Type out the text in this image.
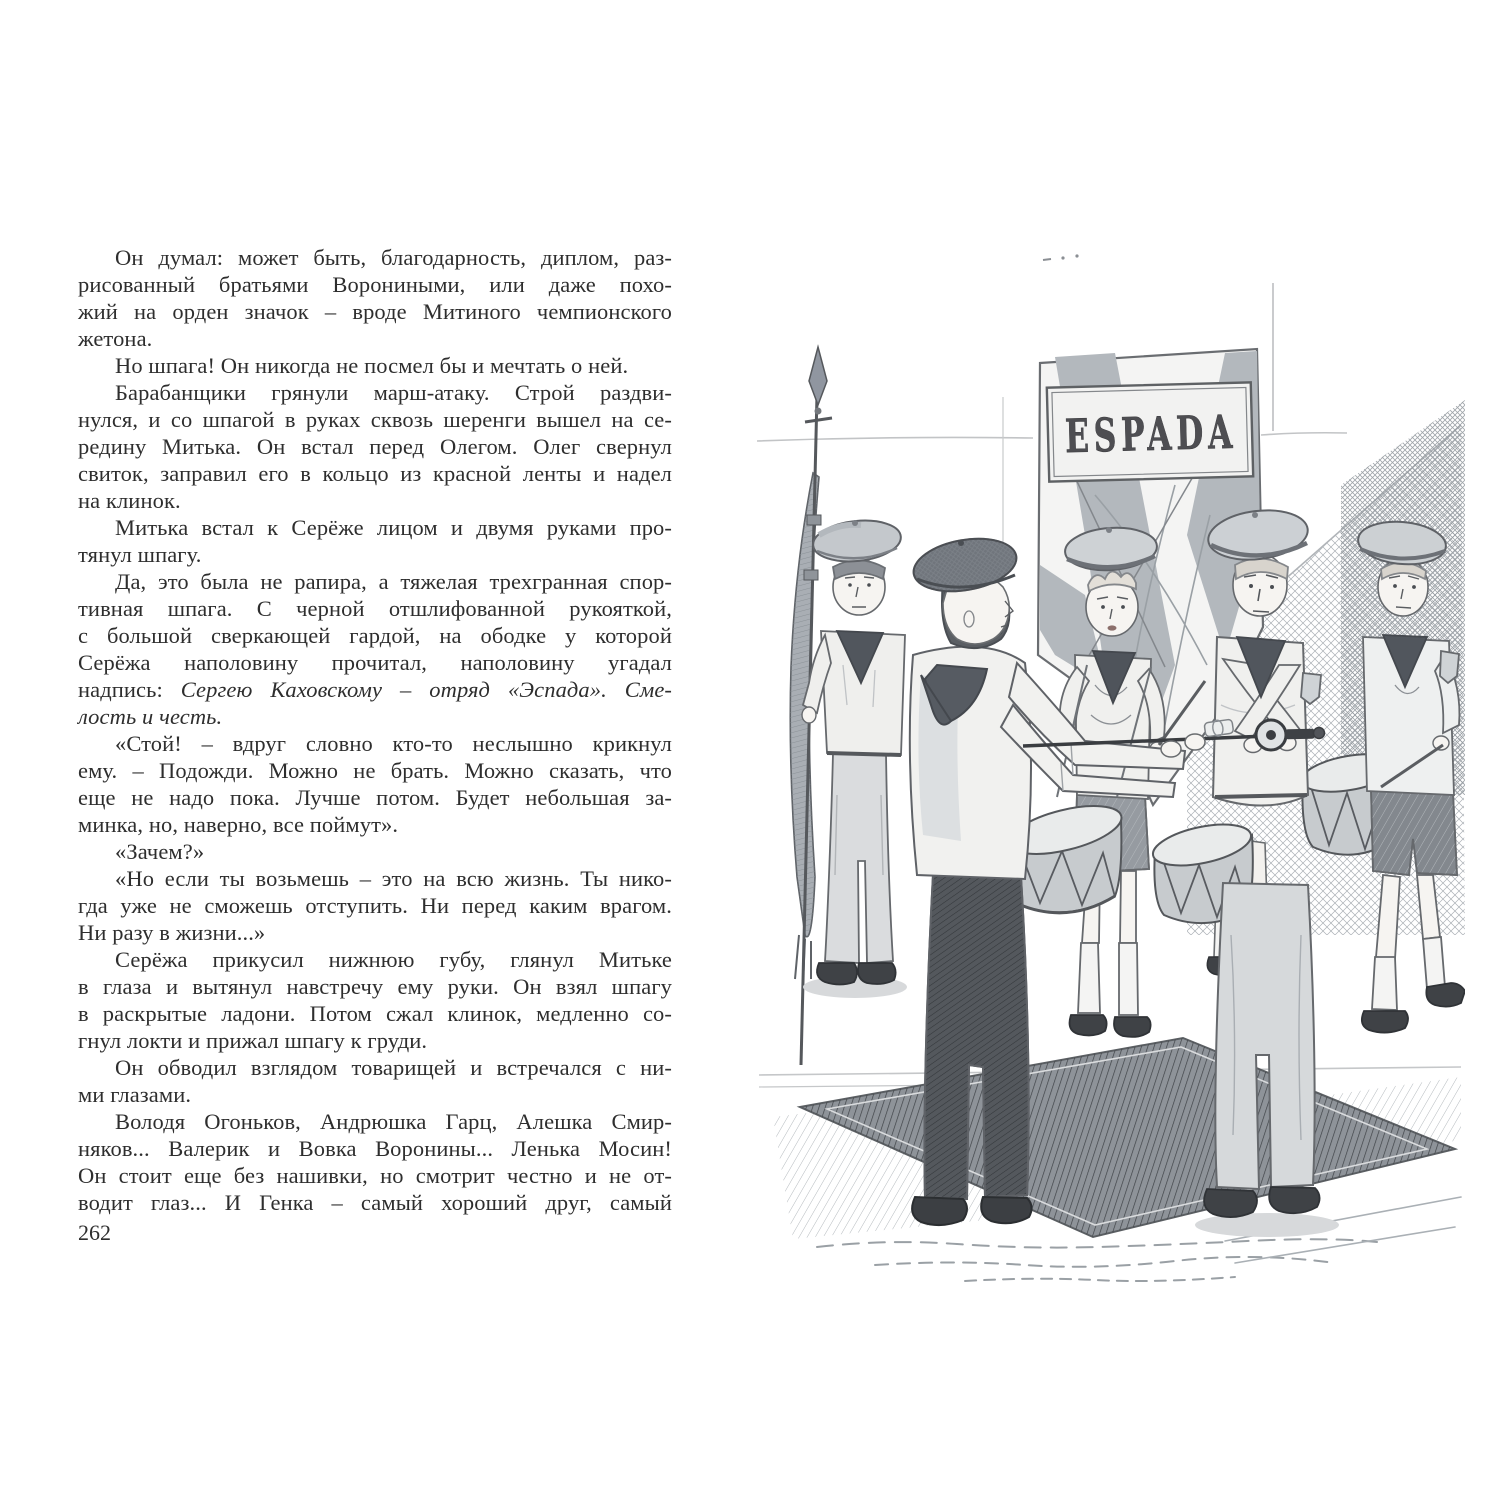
Он думал: может быть, благодарность, диплом, раз-
рисованный братьями Ворониными, или даже похо-
жий на орден значок – вроде Митиного чемпионского
жетона.
Но шпага! Он никогда не посмел бы и мечтать о ней.
Барабанщики грянули марш-атаку. Строй раздви-
нулся, и со шпагой в руках сквозь шеренги вышел на се-
редину Митька. Он встал перед Олегом. Олег свернул
свиток, заправил его в кольцо из красной ленты и надел
на клинок.
Митька встал к Серёже лицом и двумя руками про-
тянул шпагу.
Да, это была не рапира, а тяжелая трехгранная спор-
тивная шпага. С черной отшлифованной рукояткой,
с большой сверкающей гардой, на ободке у которой
Серёжа наполовину прочитал, наполовину угадал
надпись: Сергею Каховскому – отряд «Эспада». Сме-
лость и честь.
«Стой! – вдруг словно кто-то неслышно крикнул
ему. – Подожди. Можно не брать. Можно сказать, что
еще не надо пока. Лучше потом. Будет небольшая за-
минка, но, наверно, все поймут».
«Зачем?»
«Но если ты возьмешь – это на всю жизнь. Ты нико-
гда уже не сможешь отступить. Ни перед каким врагом.
Ни разу в жизни...»
Серёжа прикусил нижнюю губу, глянул Митьке
в глаза и вытянул навстречу ему руки. Он взял шпагу
в раскрытые ладони. Потом сжал клинок, медленно со-
гнул локти и прижал шпагу к груди.
Он обводил взглядом товарищей и встречался с ни-
ми глазами.
Володя Огоньков, Андрюшка Гарц, Алешка Смир-
няков... Валерик и Вовка Воронины... Ленька Мосин!
Он стоит еще без нашивки, но смотрит честно и не от-
водит глаз... И Генка – самый хороший друг, самый
262
ESPADA
